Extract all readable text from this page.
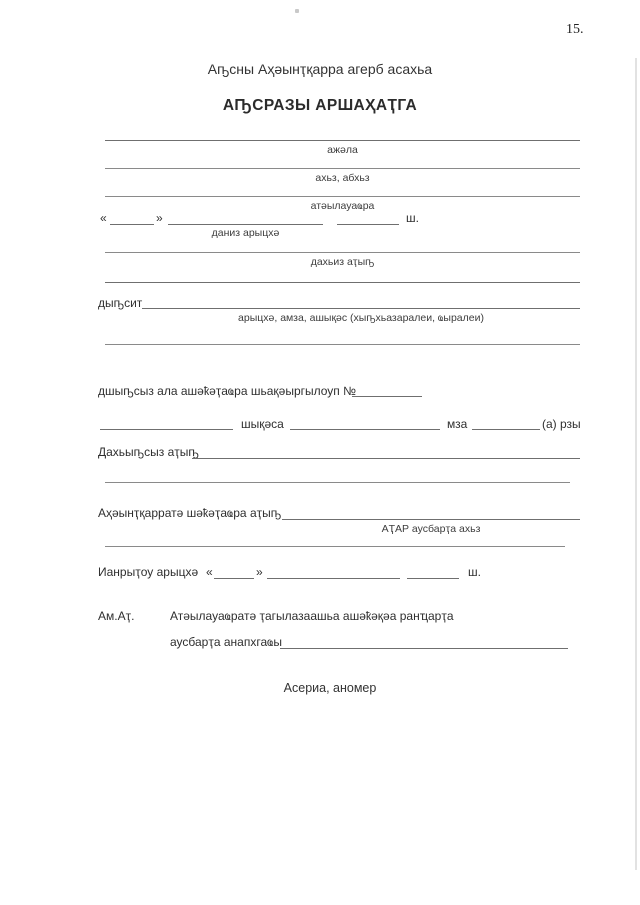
15.
Аҧсны Аҳәынҭқарра агерб асахьа
АҦСРАЗЫ АРШАҲАҬГА
ажәла
ахьз, абхьз
атәылауаҩра
«	»
даниз арыцхә
ш.
дахьиз аҭыҧ
дыҧсит
арыцхә, амза, ашықәс (хыҧхьазаралеи, ҩыралеи)
дшыҧсыз ала ашәҟәҭаҩра шьақәыргылоуп №
шықәса	мза	(а) рзы
Дахьыҧсыз аҭыҧ
Аҳәынҭқарратә шәҟәҭаҩра аҭыҧ
АҬАР аусбарҭа ахьз
Ианрыҭоу арыцхә «	»	ш.
Ам.Аҭ.	Атәылауаҩратә ҭагылазаашьа ашәҟәқәа ранҵарҭа
аусбарҭа анапхгаҩы
Асериа, аномер
